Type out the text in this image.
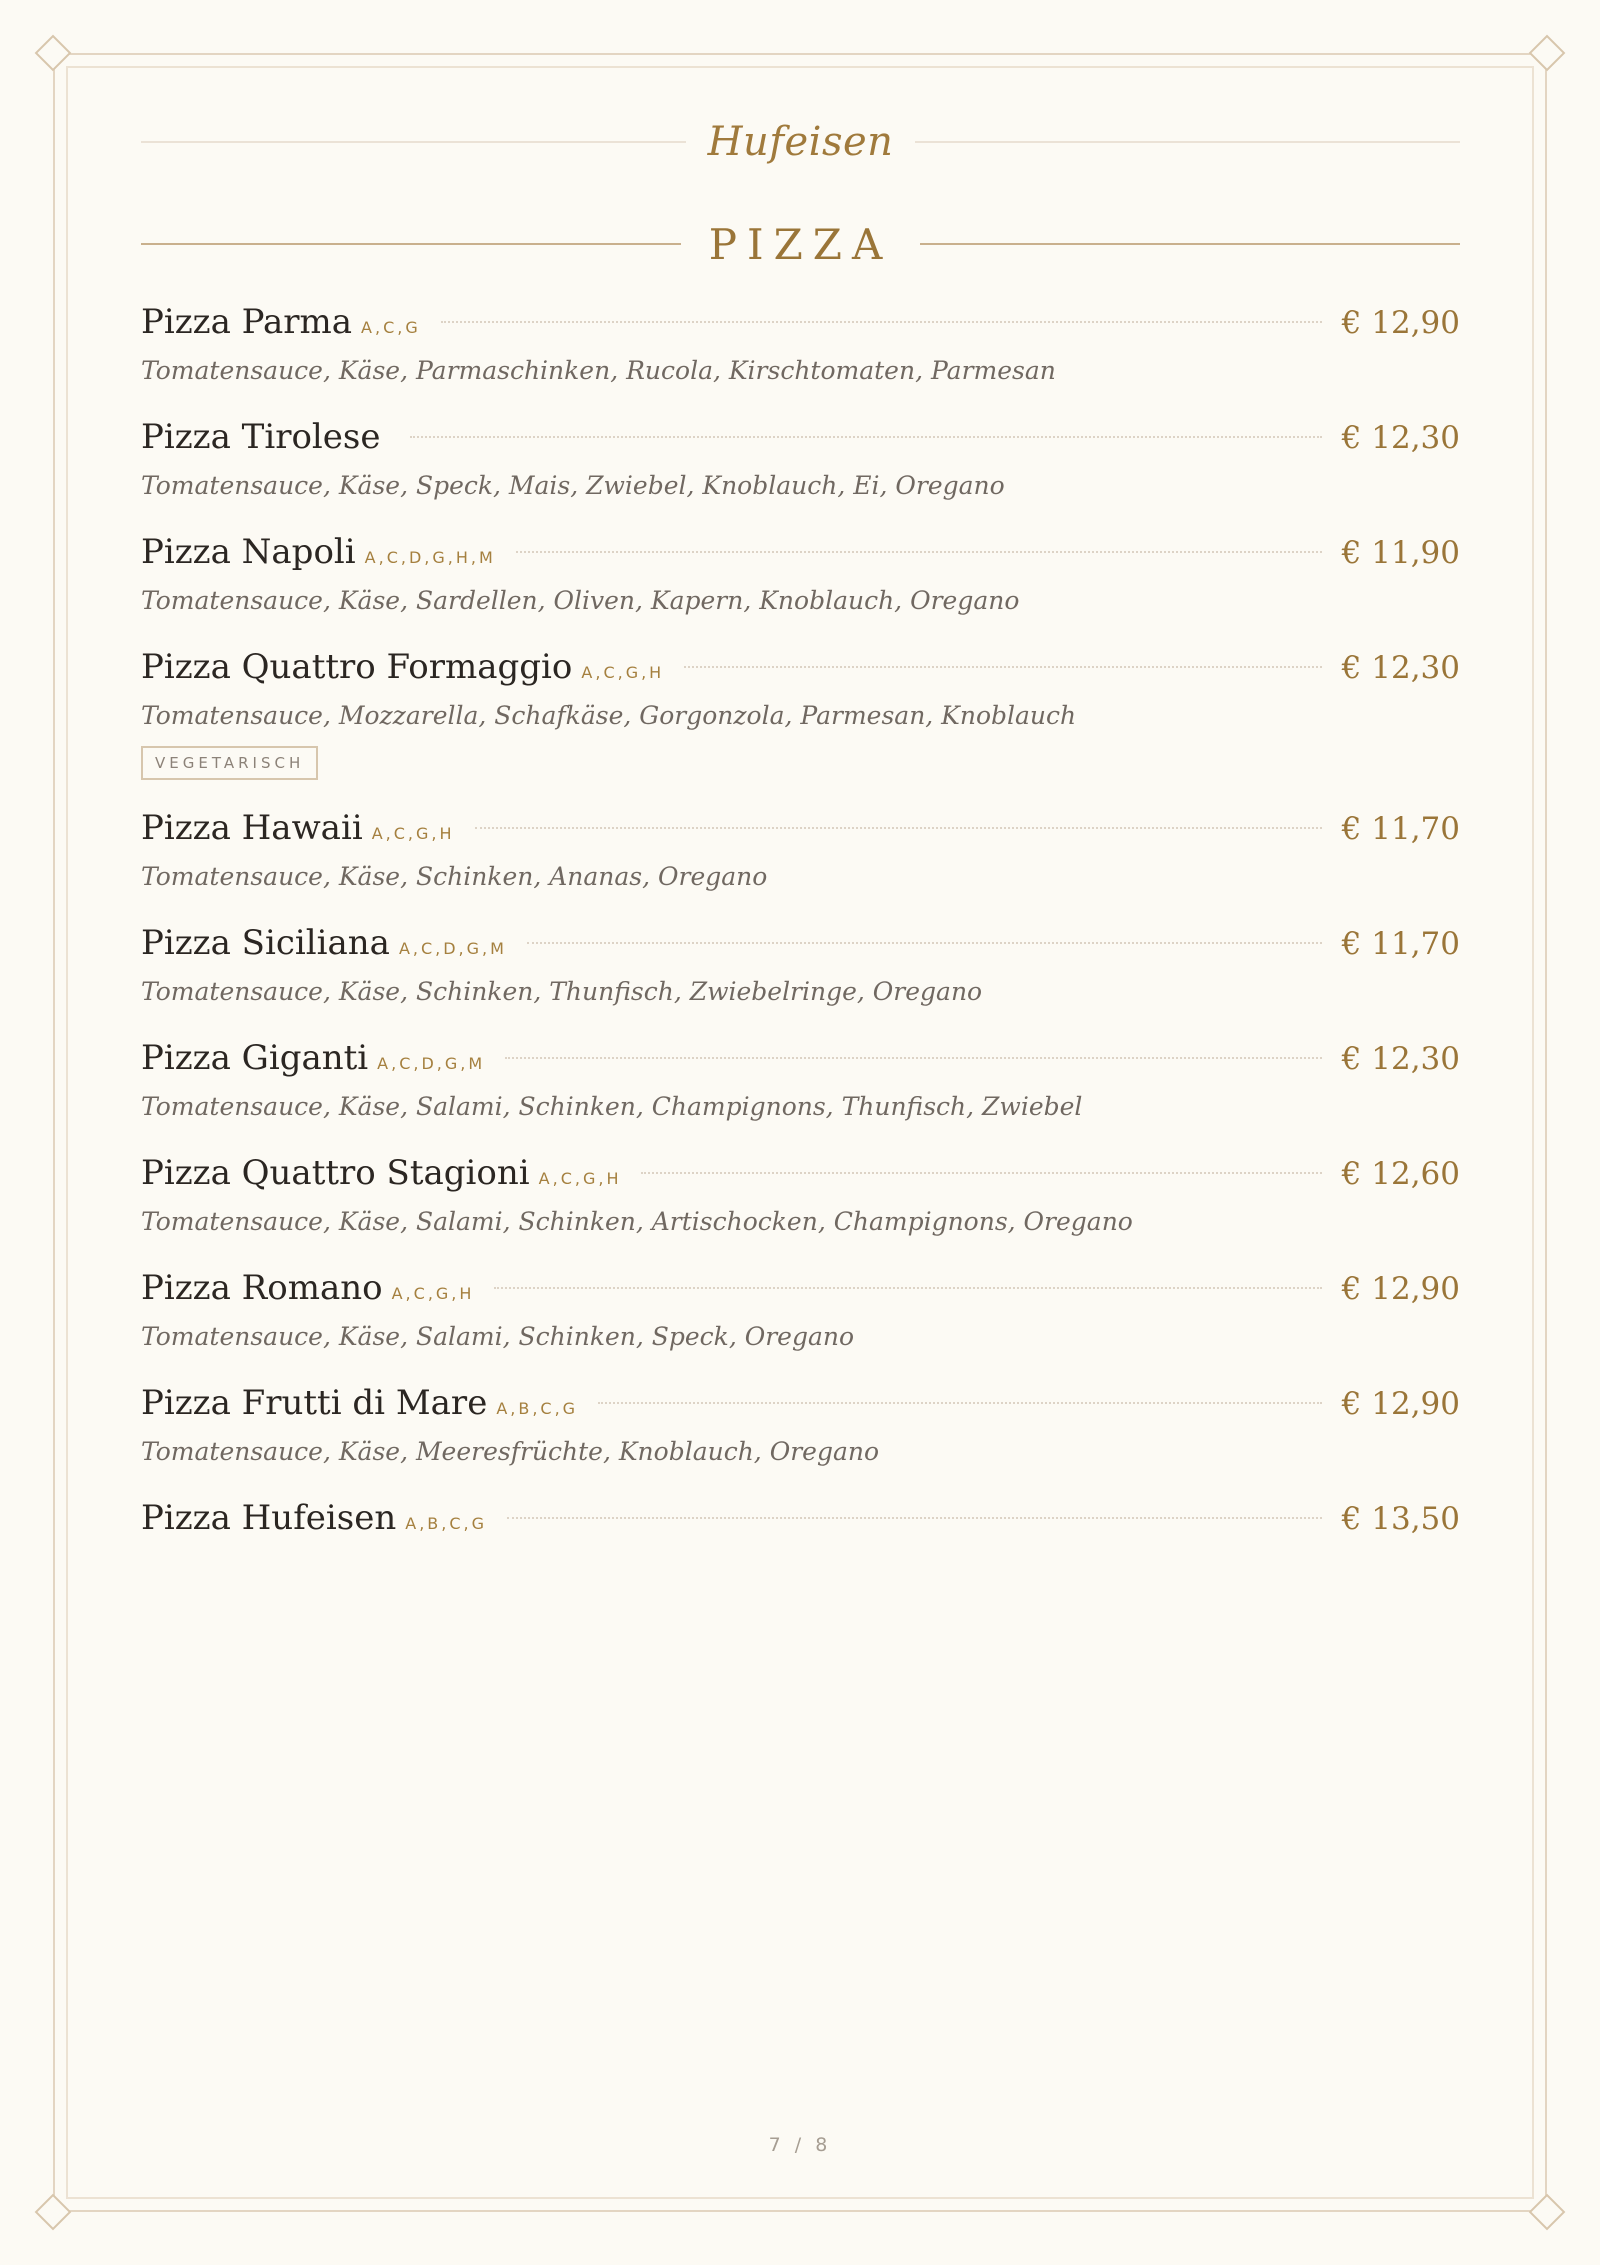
Hufeisen
PIZZA
Pizza Parma A,C,G	€ 12,90
Tomatensauce, Käse, Parmaschinken, Rucola, Kirschtomaten, Parmesan
Pizza Tirolese	€ 12,30
Tomatensauce, Käse, Speck, Mais, Zwiebel, Knoblauch, Ei, Oregano
Pizza Napoli A,C,D,G,H,M	€ 11,90
Tomatensauce, Käse, Sardellen, Oliven, Kapern, Knoblauch, Oregano
Pizza Quattro Formaggio A,C,G,H	€ 12,30
Tomatensauce, Mozzarella, Schafkäse, Gorgonzola, Parmesan, Knoblauch
VEGETARISCH
Pizza Hawaii A,C,G,H	€ 11,70
Tomatensauce, Käse, Schinken, Ananas, Oregano
Pizza Siciliana A,C,D,G,M	€ 11,70
Tomatensauce, Käse, Schinken, Thunfisch, Zwiebelringe, Oregano
Pizza Giganti A,C,D,G,M	€ 12,30
Tomatensauce, Käse, Salami, Schinken, Champignons, Thunfisch, Zwiebel
Pizza Quattro Stagioni A,C,G,H	€ 12,60
Tomatensauce, Käse, Salami, Schinken, Artischocken, Champignons, Oregano
Pizza Romano A,C,G,H	€ 12,90
Tomatensauce, Käse, Salami, Schinken, Speck, Oregano
Pizza Frutti di Mare A,B,C,G	€ 12,90
Tomatensauce, Käse, Meeresfrüchte, Knoblauch, Oregano
Pizza Hufeisen A,B,C,G	€ 13,50
7 / 8
